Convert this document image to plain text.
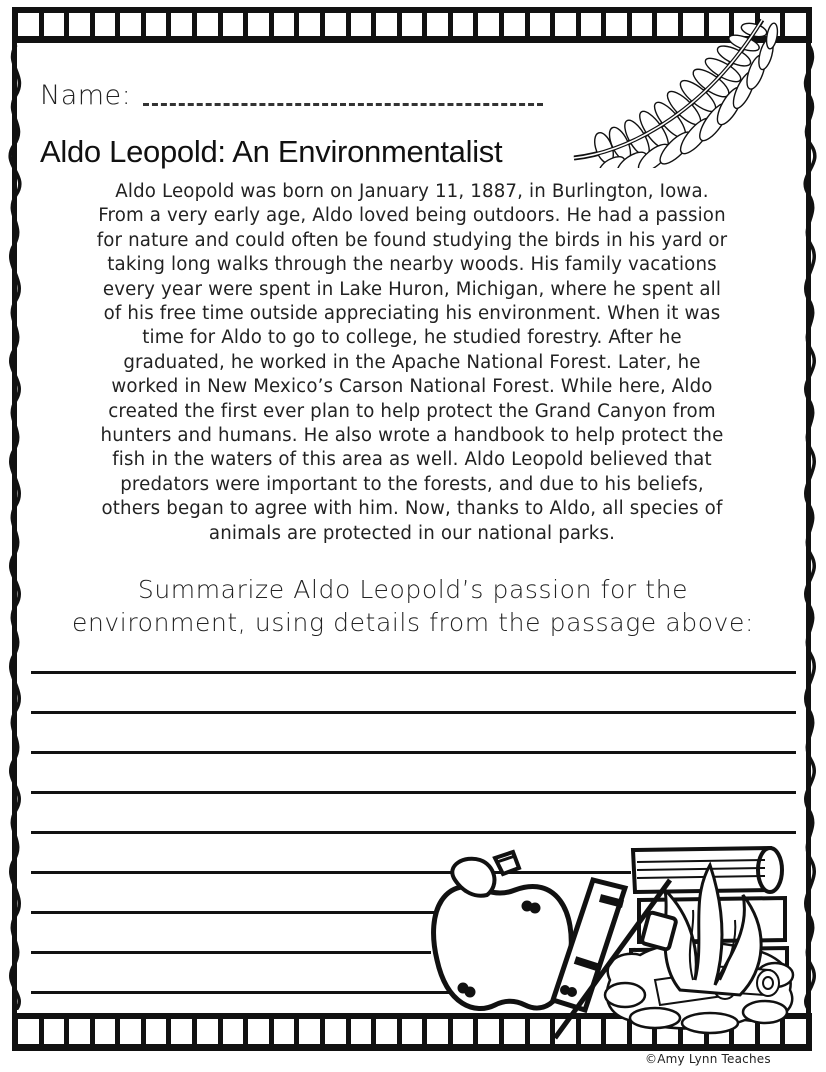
Name:
Aldo Leopold: An Environmentalist
Aldo Leopold was born on January 11, 1887, in Burlington, Iowa.
From a very early age, Aldo loved being outdoors. He had a passion
for nature and could often be found studying the birds in his yard or
taking long walks through the nearby woods. His family vacations
every year were spent in Lake Huron, Michigan, where he spent all
of his free time outside appreciating his environment. When it was
time for Aldo to go to college, he studied forestry. After he
graduated, he worked in the Apache National Forest. Later, he
worked in New Mexico’s Carson National Forest. While here, Aldo
created the first ever plan to help protect the Grand Canyon from
hunters and humans. He also wrote a handbook to help protect the
fish in the waters of this area as well. Aldo Leopold believed that
predators were important to the forests, and due to his beliefs,
others began to agree with him. Now, thanks to Aldo, all species of
animals are protected in our national parks.
Summarize Aldo Leopold’s passion for the
environment, using details from the passage above:
©Amy Lynn Teaches
